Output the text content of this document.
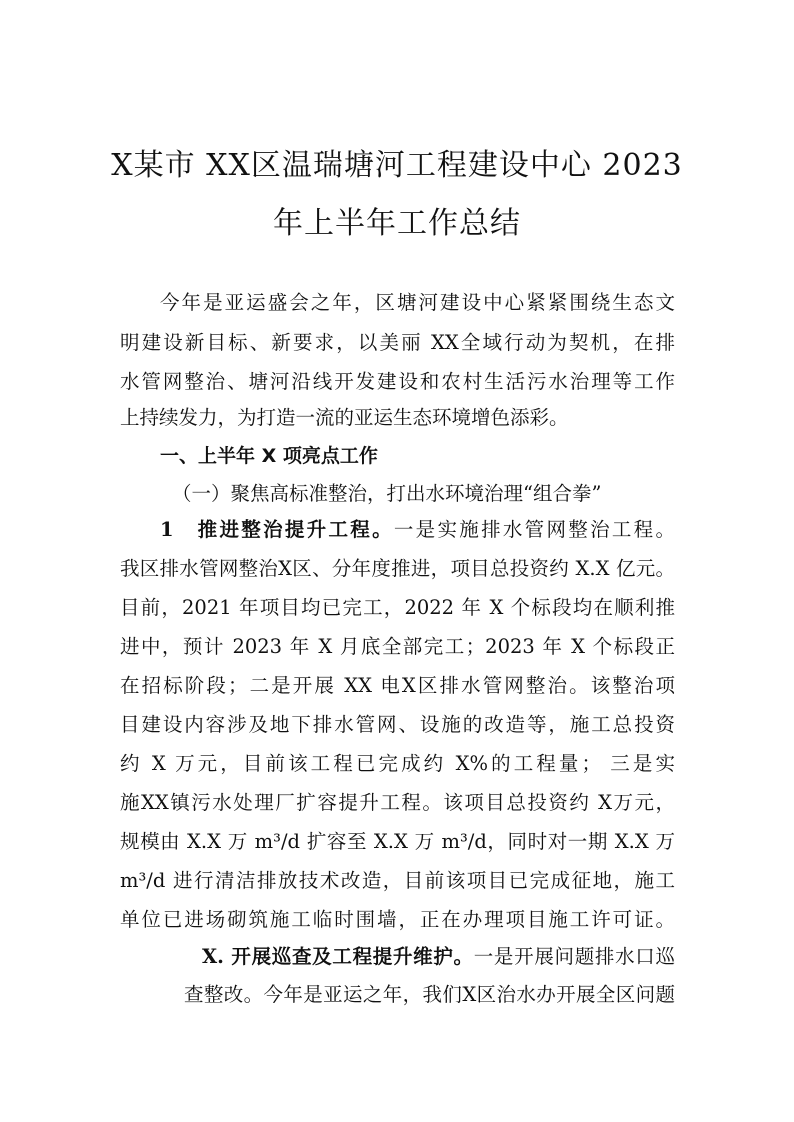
X某市 XX区温瑞塘河工程建设中心 2023
年上半年工作总结
今年是亚运盛会之年，区塘河建设中心紧紧围绕生态文
明建设新目标、新要求，以美丽 XX全域行动为契机，在排
水管网整治、塘河沿线开发建设和农村生活污水治理等工作
上持续发力，为打造一流的亚运生态环境增色添彩。
一、上半年 X 项亮点工作
（一）聚焦高标准整治，打出水环境治理“组合拳”
1　推进整治提升工程。一是实施排水管网整治工程。
我区排水管网整治X区、分年度推进，项目总投资约 X.X 亿元。
目前，2021 年项目均已完工，2022 年 X 个标段均在顺利推
进中，预计 2023 年 X 月底全部完工；2023 年 X 个标段正
在招标阶段；二是开展 XX 电X区排水管网整治。该整治项
目建设内容涉及地下排水管网、设施的改造等，施工总投资
约 X 万元，目前该工程已完成约 X%的工程量； 三是实
施XX镇污水处理厂扩容提升工程。该项目总投资约 X万元，
规模由 X.X 万 m³/d 扩容至 X.X 万 m³/d，同时对一期 X.X 万
m³/d 进行清洁排放技术改造，目前该项目已完成征地，施工
单位已进场砌筑施工临时围墙，正在办理项目施工许可证。
X. 开展巡查及工程提升维护。一是开展问题排水口巡
查整改。今年是亚运之年，我们X区治水办开展全区问题
